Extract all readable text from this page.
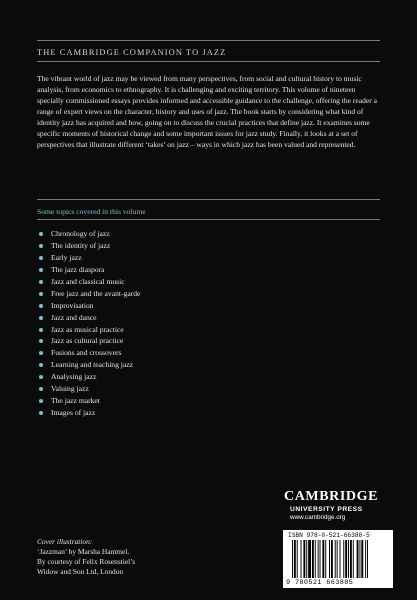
THE CAMBRIDGE COMPANION TO JAZZ

The vibrant world of jazz may be viewed from many perspectives, from social and cultural history to music analysis, from economics to ethnography. It is challenging and exciting territory. This volume of nineteen specially commissioned essays provides informed and accessible guidance to the challenge, offering the reader a range of expert views on the character, history and uses of jazz. The book starts by considering what kind of identity jazz has acquired and how, going on to discuss the crucial practices that define jazz. It examines some specific moments of historical change and some important issues for jazz study. Finally, it looks at a set of perspectives that illustrate different ‘takes’ on jazz – ways in which jazz has been valued and represented.

Some topics covered in this volume
Chronology of jazz
The identity of jazz
Early jazz
The jazz diaspora
Jazz and classical music
Free jazz and the avant-garde
Improvisation
Jazz and dance
Jazz as musical practice
Jazz as cultural practice
Fusions and crossovers
Learning and teaching jazz
Analysing jazz
Valuing jazz
The jazz market
Images of jazz
CAMBRIDGE
UNIVERSITY PRESS
www.cambridge.org
ISBN 978-0-521-66388-5
9 780521 663885
Cover illustration:
‘Jazzman’ by Marsha Hammel.
By courtesy of Felix Rosenstiel’s
Widow and Son Ltd, London
